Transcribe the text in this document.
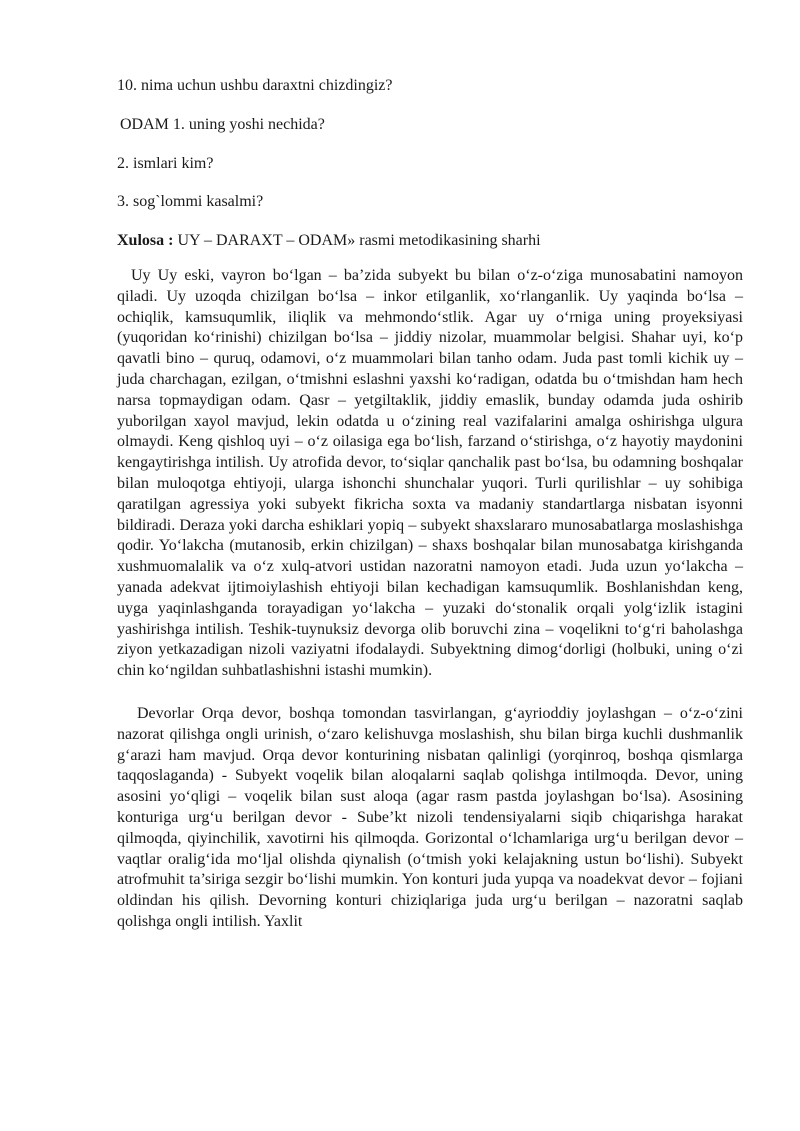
10. nima uchun ushbu daraxtni chizdingiz?

ODAM 1. uning yoshi nechida?

2. ismlari kim?

3. sog`lommi kasalmi?

Xulosa : UY – DARAXT – ODAM» rasmi metodikasining sharhi

Uy Uy eski, vayron bo‘lgan – ba’zida subyekt bu bilan o‘z-o‘ziga munosabatini namoyon qiladi. Uy uzoqda chizilgan bo‘lsa – inkor etilganlik, xo‘rlanganlik. Uy yaqinda bo‘lsa – ochiqlik, kamsuqumlik, iliqlik va mehmondo‘stlik. Agar uy o‘rniga uning proyeksiyasi (yuqoridan ko‘rinishi) chizilgan bo‘lsa – jiddiy nizolar, muammolar belgisi. Shahar uyi, ko‘p qavatli bino – quruq, odamovi, o‘z muammolari bilan tanho odam. Juda past tomli kichik uy – juda charchagan, ezilgan, o‘tmishni eslashni yaxshi ko‘radigan, odatda bu o‘tmishdan ham hech narsa topmaydigan odam. Qasr – yetgiltaklik, jiddiy emaslik, bunday odamda juda oshirib yuborilgan xayol mavjud, lekin odatda u o‘zining real vazifalarini amalga oshirishga ulgura olmaydi. Keng qishloq uyi – o‘z oilasiga ega bo‘lish, farzand o‘stirishga, o‘z hayotiy maydonini kengaytirishga intilish. Uy atrofida devor, to‘siqlar qanchalik past bo‘lsa, bu odamning boshqalar bilan muloqotga ehtiyoji, ularga ishonchi shunchalar yuqori. Turli qurilishlar – uy sohibiga qaratilgan agressiya yoki subyekt fikricha soxta va madaniy standartlarga nisbatan isyonni bildiradi. Deraza yoki darcha eshiklari yopiq – subyekt shaxslararo munosabatlarga moslashishga qodir. Yo‘lakcha (mutanosib, erkin chizilgan) – shaxs boshqalar bilan munosabatga kirishganda xushmuomalalik va o‘z xulq-atvori ustidan nazoratni namoyon etadi. Juda uzun yo‘lakcha – yanada adekvat ijtimoiylashish ehtiyoji bilan kechadigan kamsuqumlik. Boshlanishdan keng, uyga yaqinlashganda torayadigan yo‘lakcha – yuzaki do‘stonalik orqali yolg‘izlik istagini yashirishga intilish. Teshik-tuynuksiz devorga olib boruvchi zina – voqelikni to‘g‘ri baholashga ziyon yetkazadigan nizoli vaziyatni ifodalaydi. Subyektning dimog‘dorligi (holbuki, uning o‘zi chin ko‘ngildan suhbatlashishni istashi mumkin).

Devorlar Orqa devor, boshqa tomondan tasvirlangan, g‘ayrioddiy joylashgan – o‘z-o‘zini nazorat qilishga ongli urinish, o‘zaro kelishuvga moslashish, shu bilan birga kuchli dushmanlik g‘arazi ham mavjud. Orqa devor konturining nisbatan qalinligi (yorqinroq, boshqa qismlarga taqqoslaganda) - Subyekt voqelik bilan aloqalarni saqlab qolishga intilmoqda. Devor, uning asosini yo‘qligi – voqelik bilan sust aloqa (agar rasm pastda joylashgan bo‘lsa). Asosining konturiga urg‘u berilgan devor - Sube’kt nizoli tendensiyalarni siqib chiqarishga harakat qilmoqda, qiyinchilik, xavotirni his qilmoqda. Gorizontal o‘lchamlariga urg‘u berilgan devor – vaqtlar oralig‘ida mo‘ljal olishda qiynalish (o‘tmish yoki kelajakning ustun bo‘lishi). Subyekt atrofmuhit ta’siriga sezgir bo‘lishi mumkin. Yon konturi juda yupqa va noadekvat devor – fojiani oldindan his qilish. Devorning konturi chiziqlariga juda urg‘u berilgan – nazoratni saqlab qolishga ongli intilish. Yaxlit
